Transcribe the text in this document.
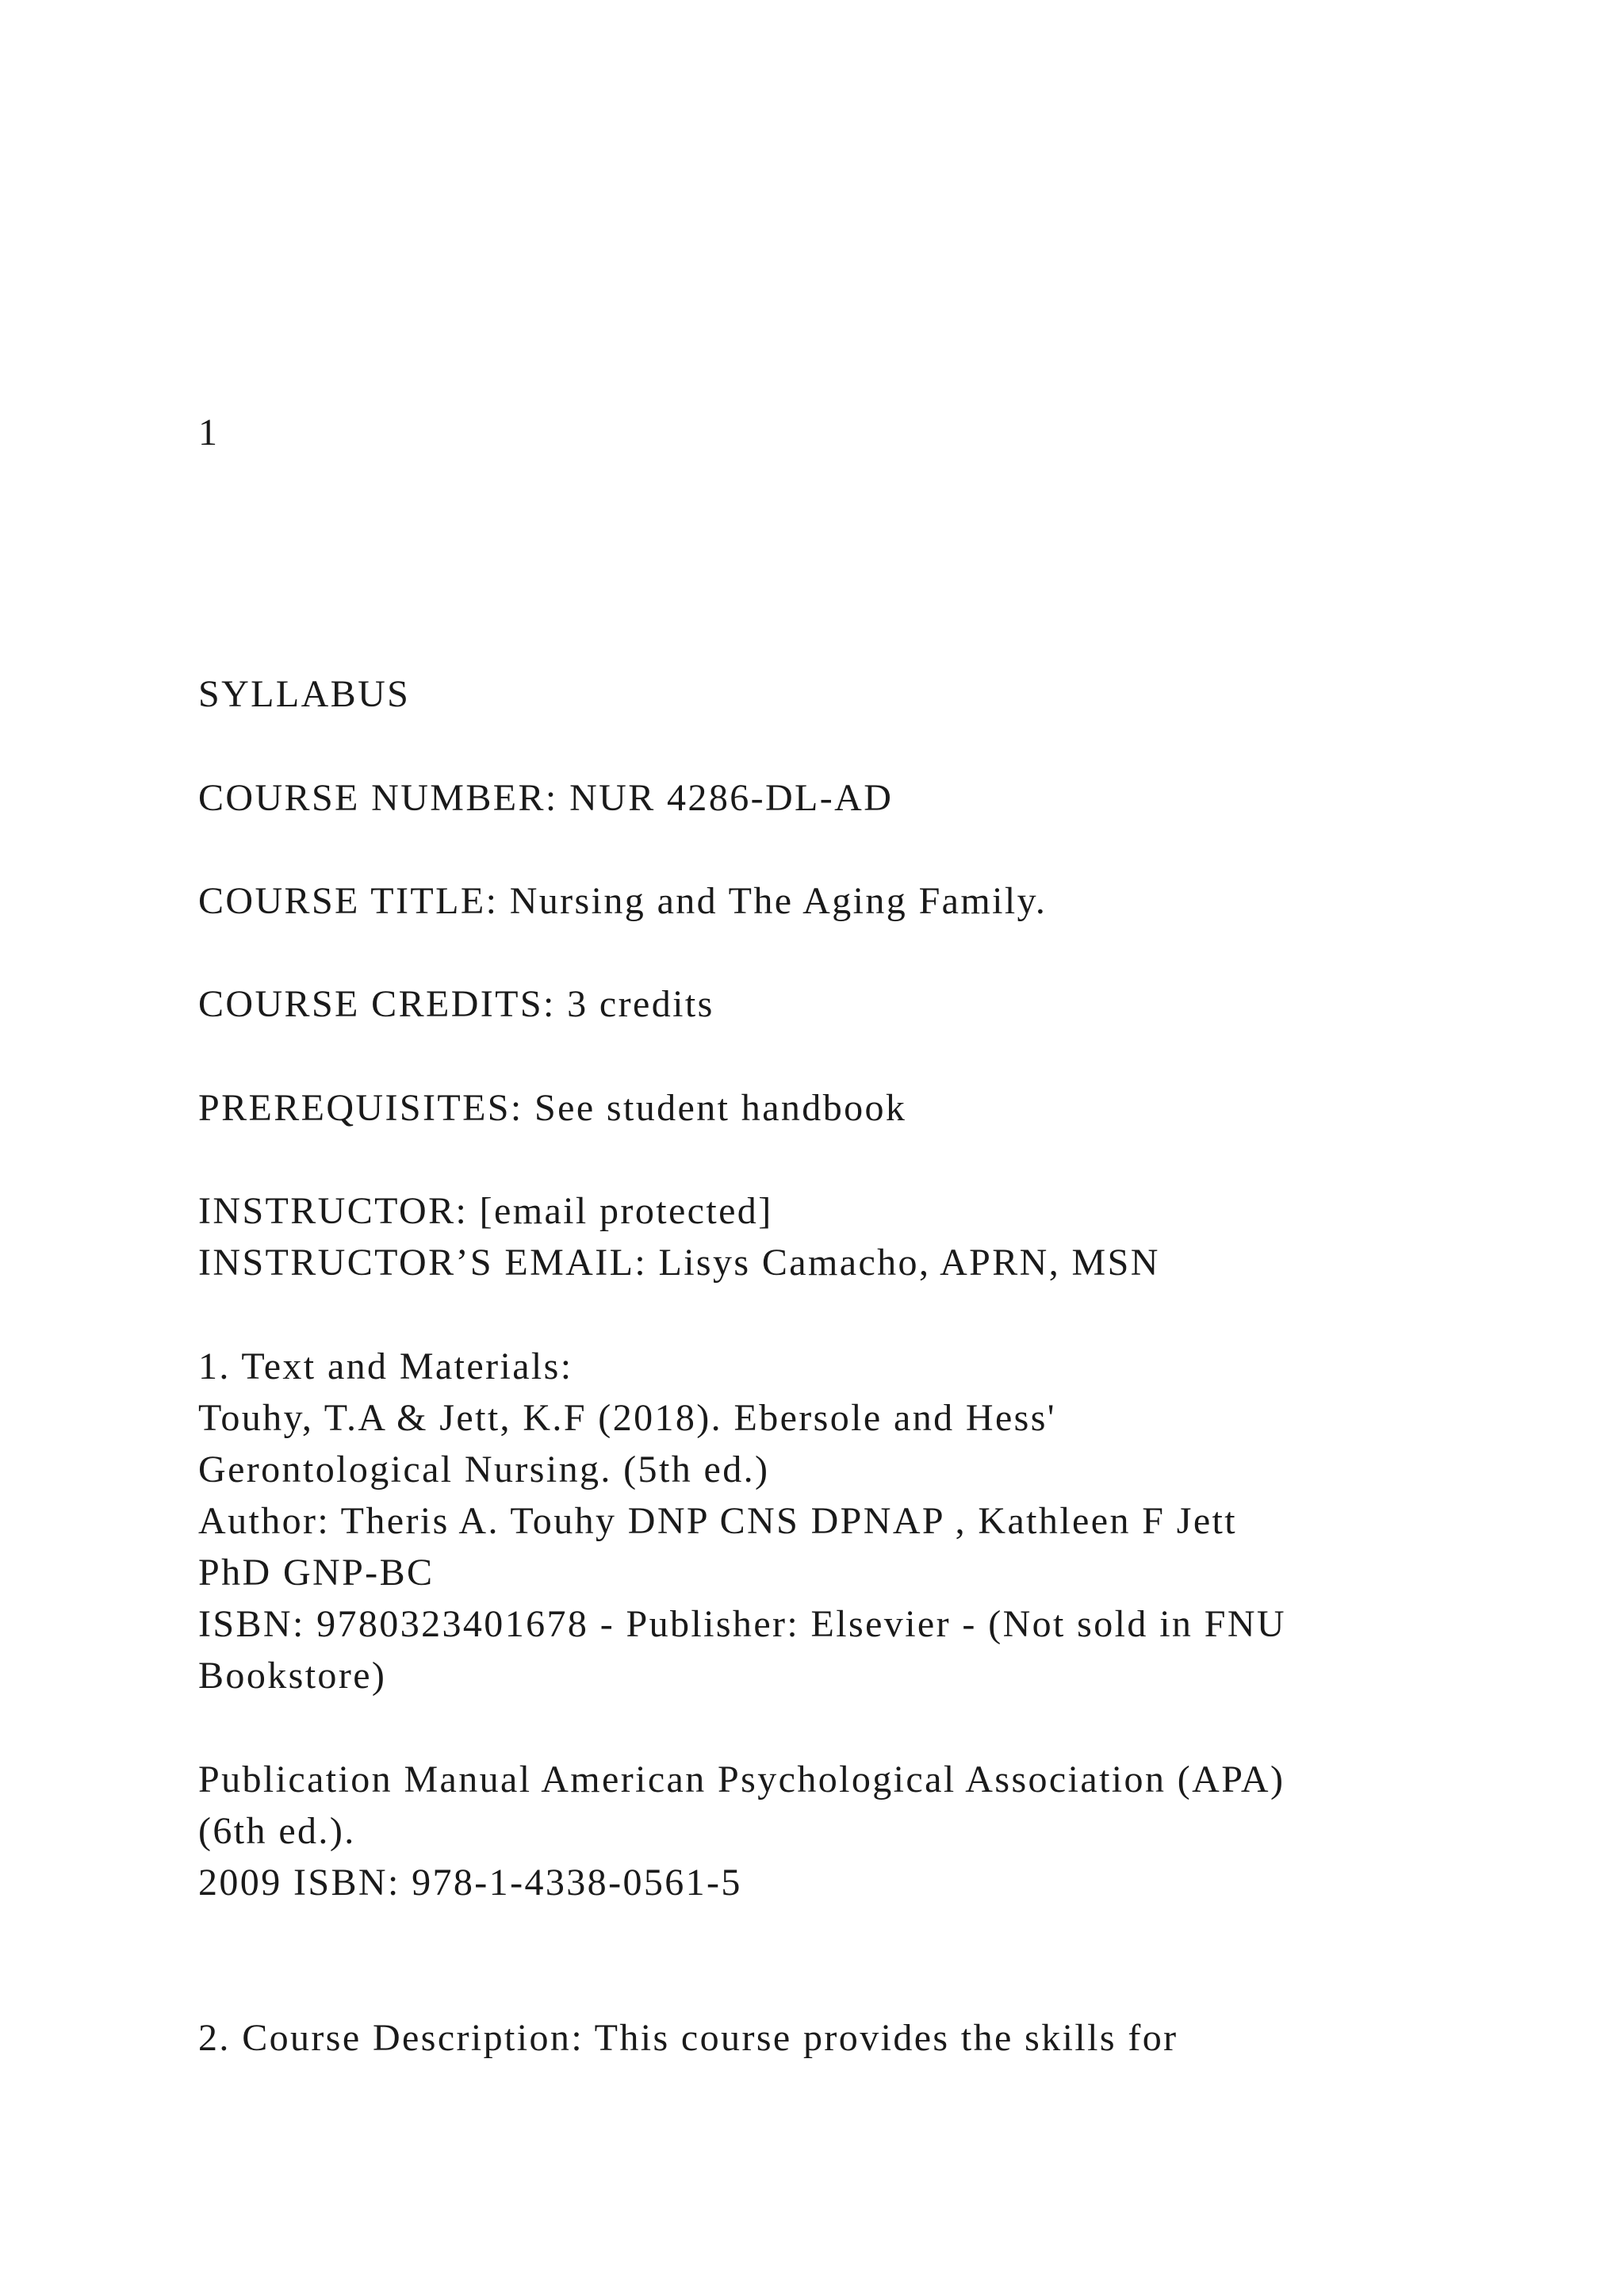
1
SYLLABUS
COURSE NUMBER: NUR 4286-DL-AD
COURSE TITLE: Nursing and The Aging Family.
COURSE CREDITS: 3 credits
PREREQUISITES: See student handbook
INSTRUCTOR: [email protected]
INSTRUCTOR’S EMAIL: Lisys Camacho, APRN, MSN
1. Text and Materials:
Touhy, T.A & Jett, K.F (2018). Ebersole and Hess'
Gerontological Nursing. (5th ed.)
Author: Theris A. Touhy DNP CNS DPNAP , Kathleen F Jett
PhD GNP-BC
ISBN: 9780323401678 - Publisher: Elsevier - (Not sold in FNU
Bookstore)
Publication Manual American Psychological Association (APA)
(6th ed.).
2009 ISBN: 978-1-4338-0561-5
2. Course Description: This course provides the skills for
